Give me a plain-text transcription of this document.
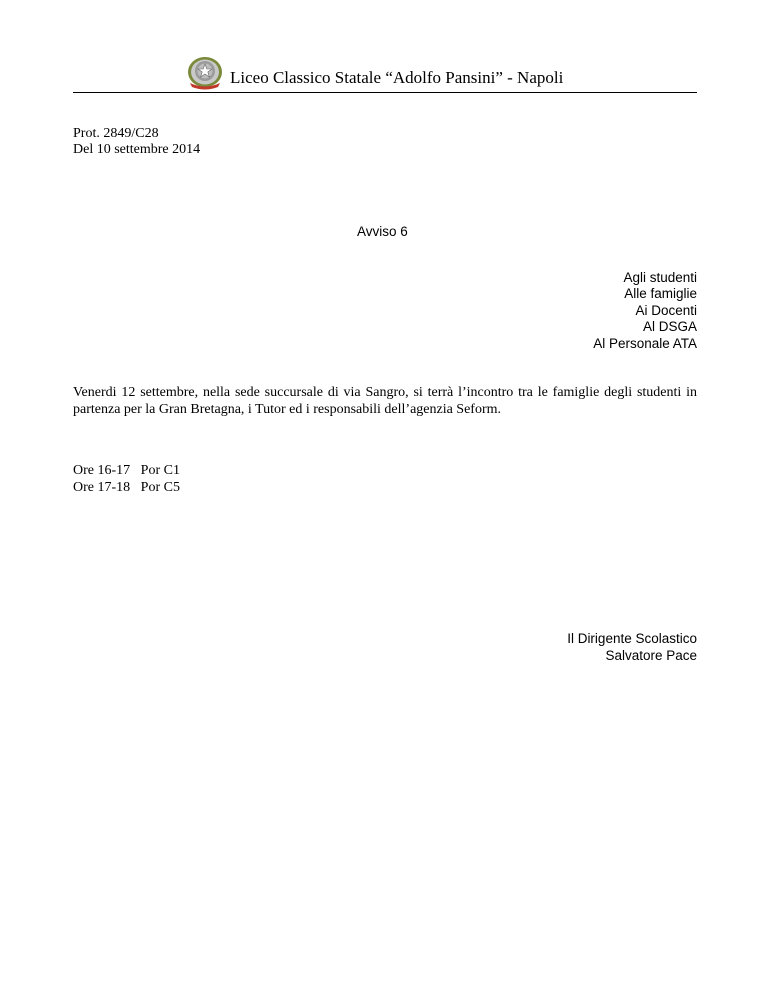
Liceo Classico Statale “Adolfo Pansini” - Napoli
Prot. 2849/C28
Del 10 settembre 2014
Avviso 6
Agli studenti
Alle famiglie
Ai Docenti
Al DSGA
Al Personale ATA
Venerdi 12 settembre, nella sede succursale di via Sangro, si terrà l’incontro tra le famiglie degli studenti in partenza per la Gran Bretagna, i Tutor ed i responsabili dell’agenzia Seform.
Ore 16-17 Por C1
Ore 17-18 Por C5
Il Dirigente Scolastico
Salvatore Pace
